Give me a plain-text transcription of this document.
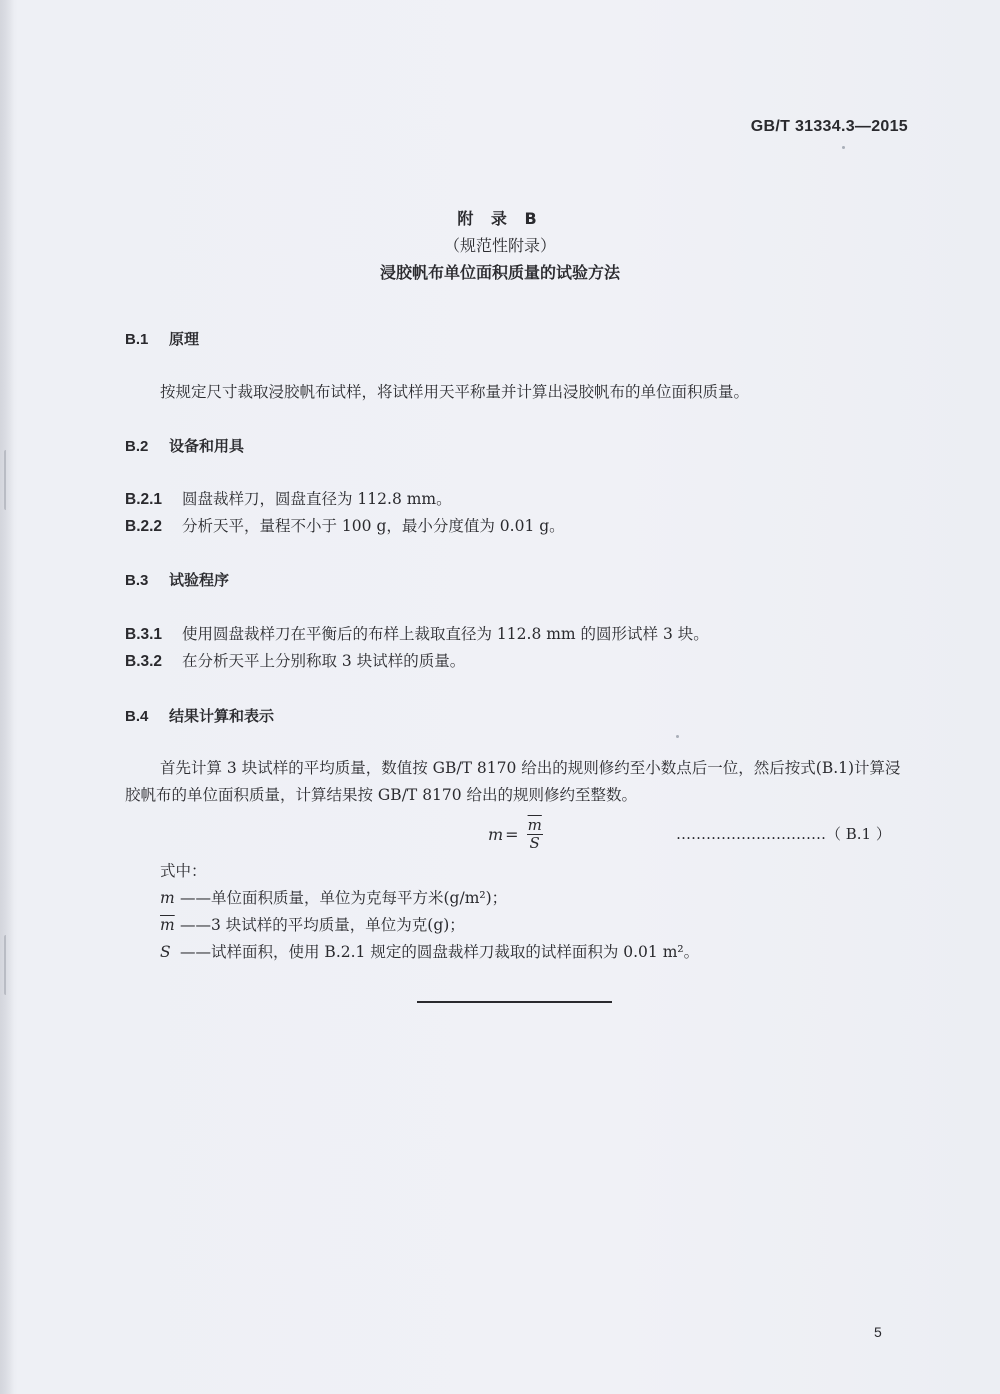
GB/T 31334.3—2015
附 录 B
（规范性附录）
浸胶帆布单位面积质量的试验方法
B.1 原理
按规定尺寸裁取浸胶帆布试样，将试样用天平称量并计算出浸胶帆布的单位面积质量。
B.2 设备和用具
B.2.1 圆盘裁样刀，圆盘直径为 112.8 mm。
B.2.2 分析天平，量程不小于 100 g，最小分度值为 0.01 g。
B.3 试验程序
B.3.1 使用圆盘裁样刀在平衡后的布样上裁取直径为 112.8 mm 的圆形试样 3 块。
B.3.2 在分析天平上分别称取 3 块试样的质量。
B.4 结果计算和表示
首先计算 3 块试样的平均质量，数值按 GB/T 8170 给出的规则修约至小数点后一位，然后按式(B.1)计算浸胶帆布的单位面积质量，计算结果按 GB/T 8170 给出的规则修约至整数。
$m = \frac{\overline{m}}{S}$	…………………………（ B.1 ）
式中：
m ——单位面积质量，单位为克每平方米(g/m²)；
$\overline{m}$ ——3 块试样的平均质量，单位为克(g)；
S ——试样面积，使用 B.2.1 规定的圆盘裁样刀裁取的试样面积为 0.01 m²。
5
